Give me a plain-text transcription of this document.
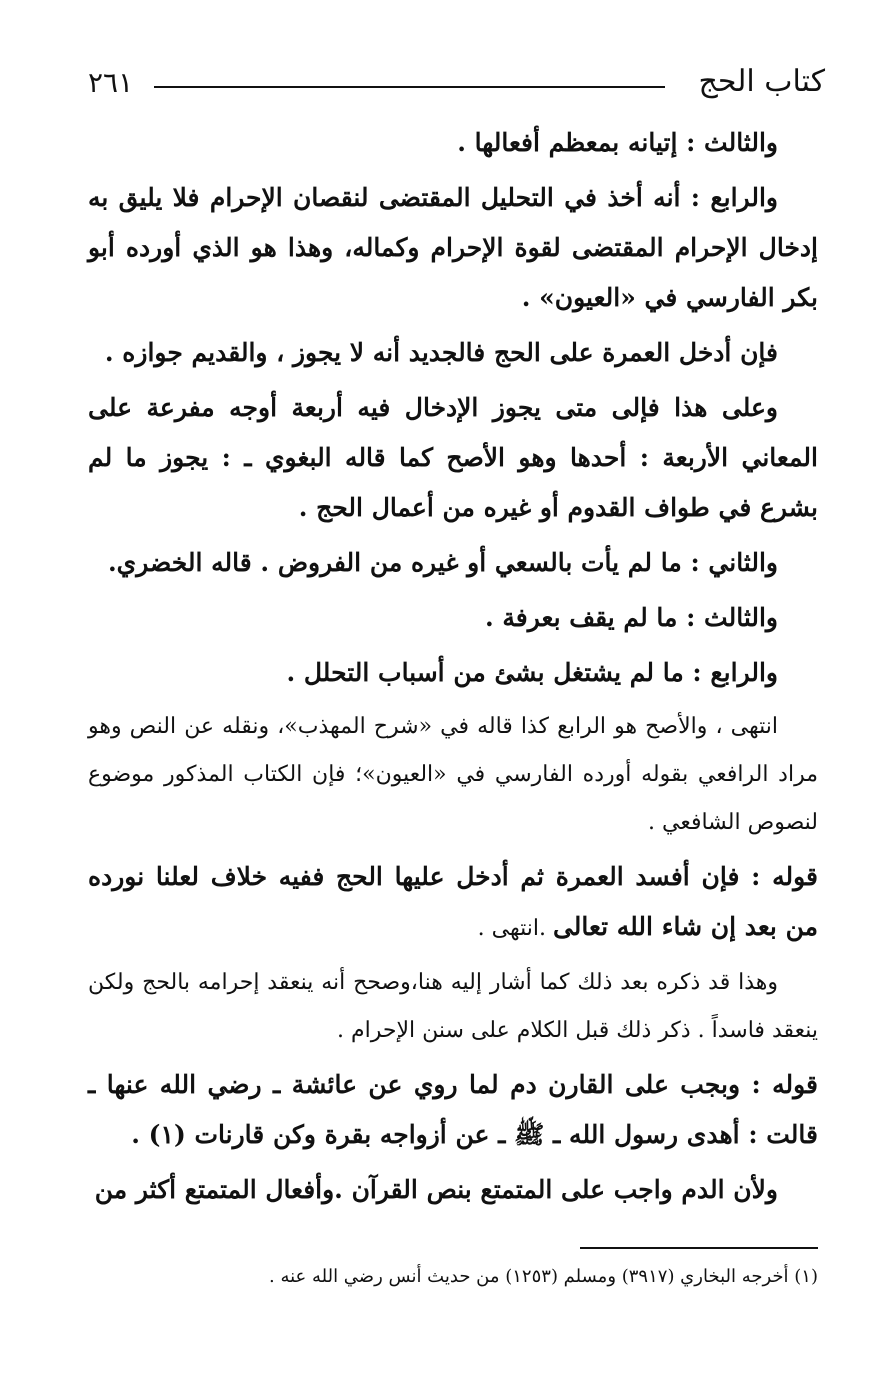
كتاب الحج
٢٦١

والثالث : إتيانه بمعظم أفعالها .

والرابع : أنه أخذ في التحليل المقتضى لنقصان الإحرام فلا يليق به إدخال الإحرام المقتضى لقوة الإحرام وكماله، وهذا هو الذي أورده أبو بكر الفارسي في «العيون» .

فإن أدخل العمرة على الحج فالجديد أنه لا يجوز ، والقديم جوازه .

وعلى هذا فإلى متى يجوز الإدخال فيه أربعة أوجه مفرعة على المعاني الأربعة : أحدها وهو الأصح كما قاله البغوي ـ : يجوز ما لم بشرع في طواف القدوم أو غيره من أعمال الحج .

والثاني : ما لم يأت بالسعي أو غيره من الفروض . قاله الخضري.

والثالث : ما لم يقف بعرفة .

والرابع : ما لم يشتغل بشئ من أسباب التحلل .

انتهى ، والأصح هو الرابع كذا قاله في «شرح المهذب»، ونقله عن النص وهو مراد الرافعي بقوله أورده الفارسي في «العيون»؛ فإن الكتاب المذكور موضوع لنصوص الشافعي .

قوله : فإن أفسد العمرة ثم أدخل عليها الحج ففيه خلاف لعلنا نورده من بعد إن شاء الله تعالى .انتهى .

وهذا قد ذكره بعد ذلك كما أشار إليه هنا،وصحح أنه ينعقد إحرامه بالحج ولكن ينعقد فاسداً . ذكر ذلك قبل الكلام على سنن الإحرام .

قوله : وبجب على القارن دم لما روي عن عائشة ـ رضي الله عنها ـ قالت : أهدى رسول الله ـ ﷺ ـ عن أزواجه بقرة وكن قارنات (١) .

ولأن الدم واجب على المتمتع بنص القرآن .وأفعال المتمتع أكثر من

(١) أخرجه البخاري (٣٩١٧) ومسلم (١٢٥٣) من حديث أنس رضي الله عنه .
